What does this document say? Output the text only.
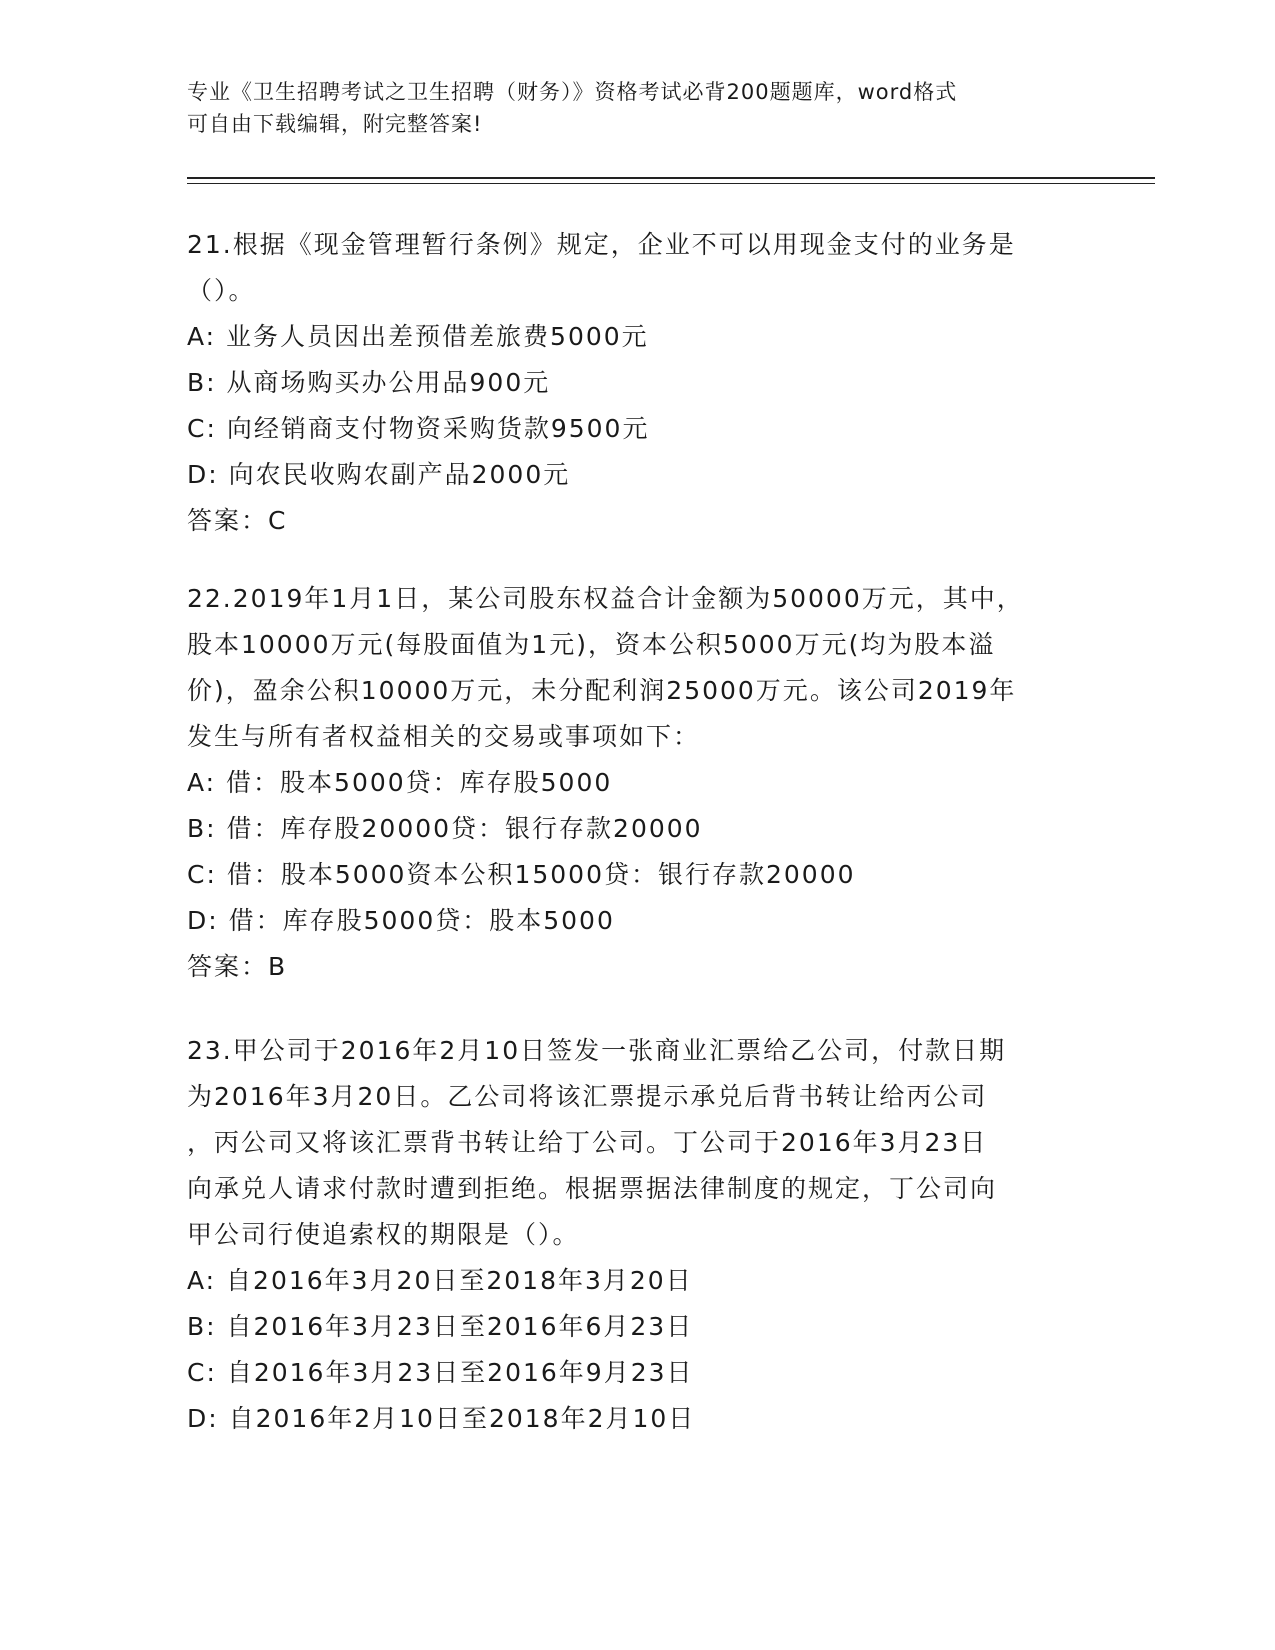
专业《卫生招聘考试之卫生招聘（财务）》资格考试必背200题题库，word格式
可自由下载编辑，附完整答案!
21.根据《现金管理暂行条例》规定，企业不可以用现金支付的业务是
（）。
A: 业务人员因出差预借差旅费5000元
B: 从商场购买办公用品900元
C: 向经销商支付物资采购货款9500元
D: 向农民收购农副产品2000元
答案：C
22.2019年1月1日，某公司股东权益合计金额为50000万元，其中，
股本10000万元(每股面值为1元)，资本公积5000万元(均为股本溢
价)，盈余公积10000万元，未分配利润25000万元。该公司2019年
发生与所有者权益相关的交易或事项如下：
A: 借：股本5000贷：库存股5000
B: 借：库存股20000贷：银行存款20000
C: 借：股本5000资本公积15000贷：银行存款20000
D: 借：库存股5000贷：股本5000
答案：B
23.甲公司于2016年2月10日签发一张商业汇票给乙公司，付款日期
为2016年3月20日。乙公司将该汇票提示承兑后背书转让给丙公司
，丙公司又将该汇票背书转让给丁公司。丁公司于2016年3月23日
向承兑人请求付款时遭到拒绝。根据票据法律制度的规定，丁公司向
甲公司行使追索权的期限是（）。
A: 自2016年3月20日至2018年3月20日
B: 自2016年3月23日至2016年6月23日
C: 自2016年3月23日至2016年9月23日
D: 自2016年2月10日至2018年2月10日
